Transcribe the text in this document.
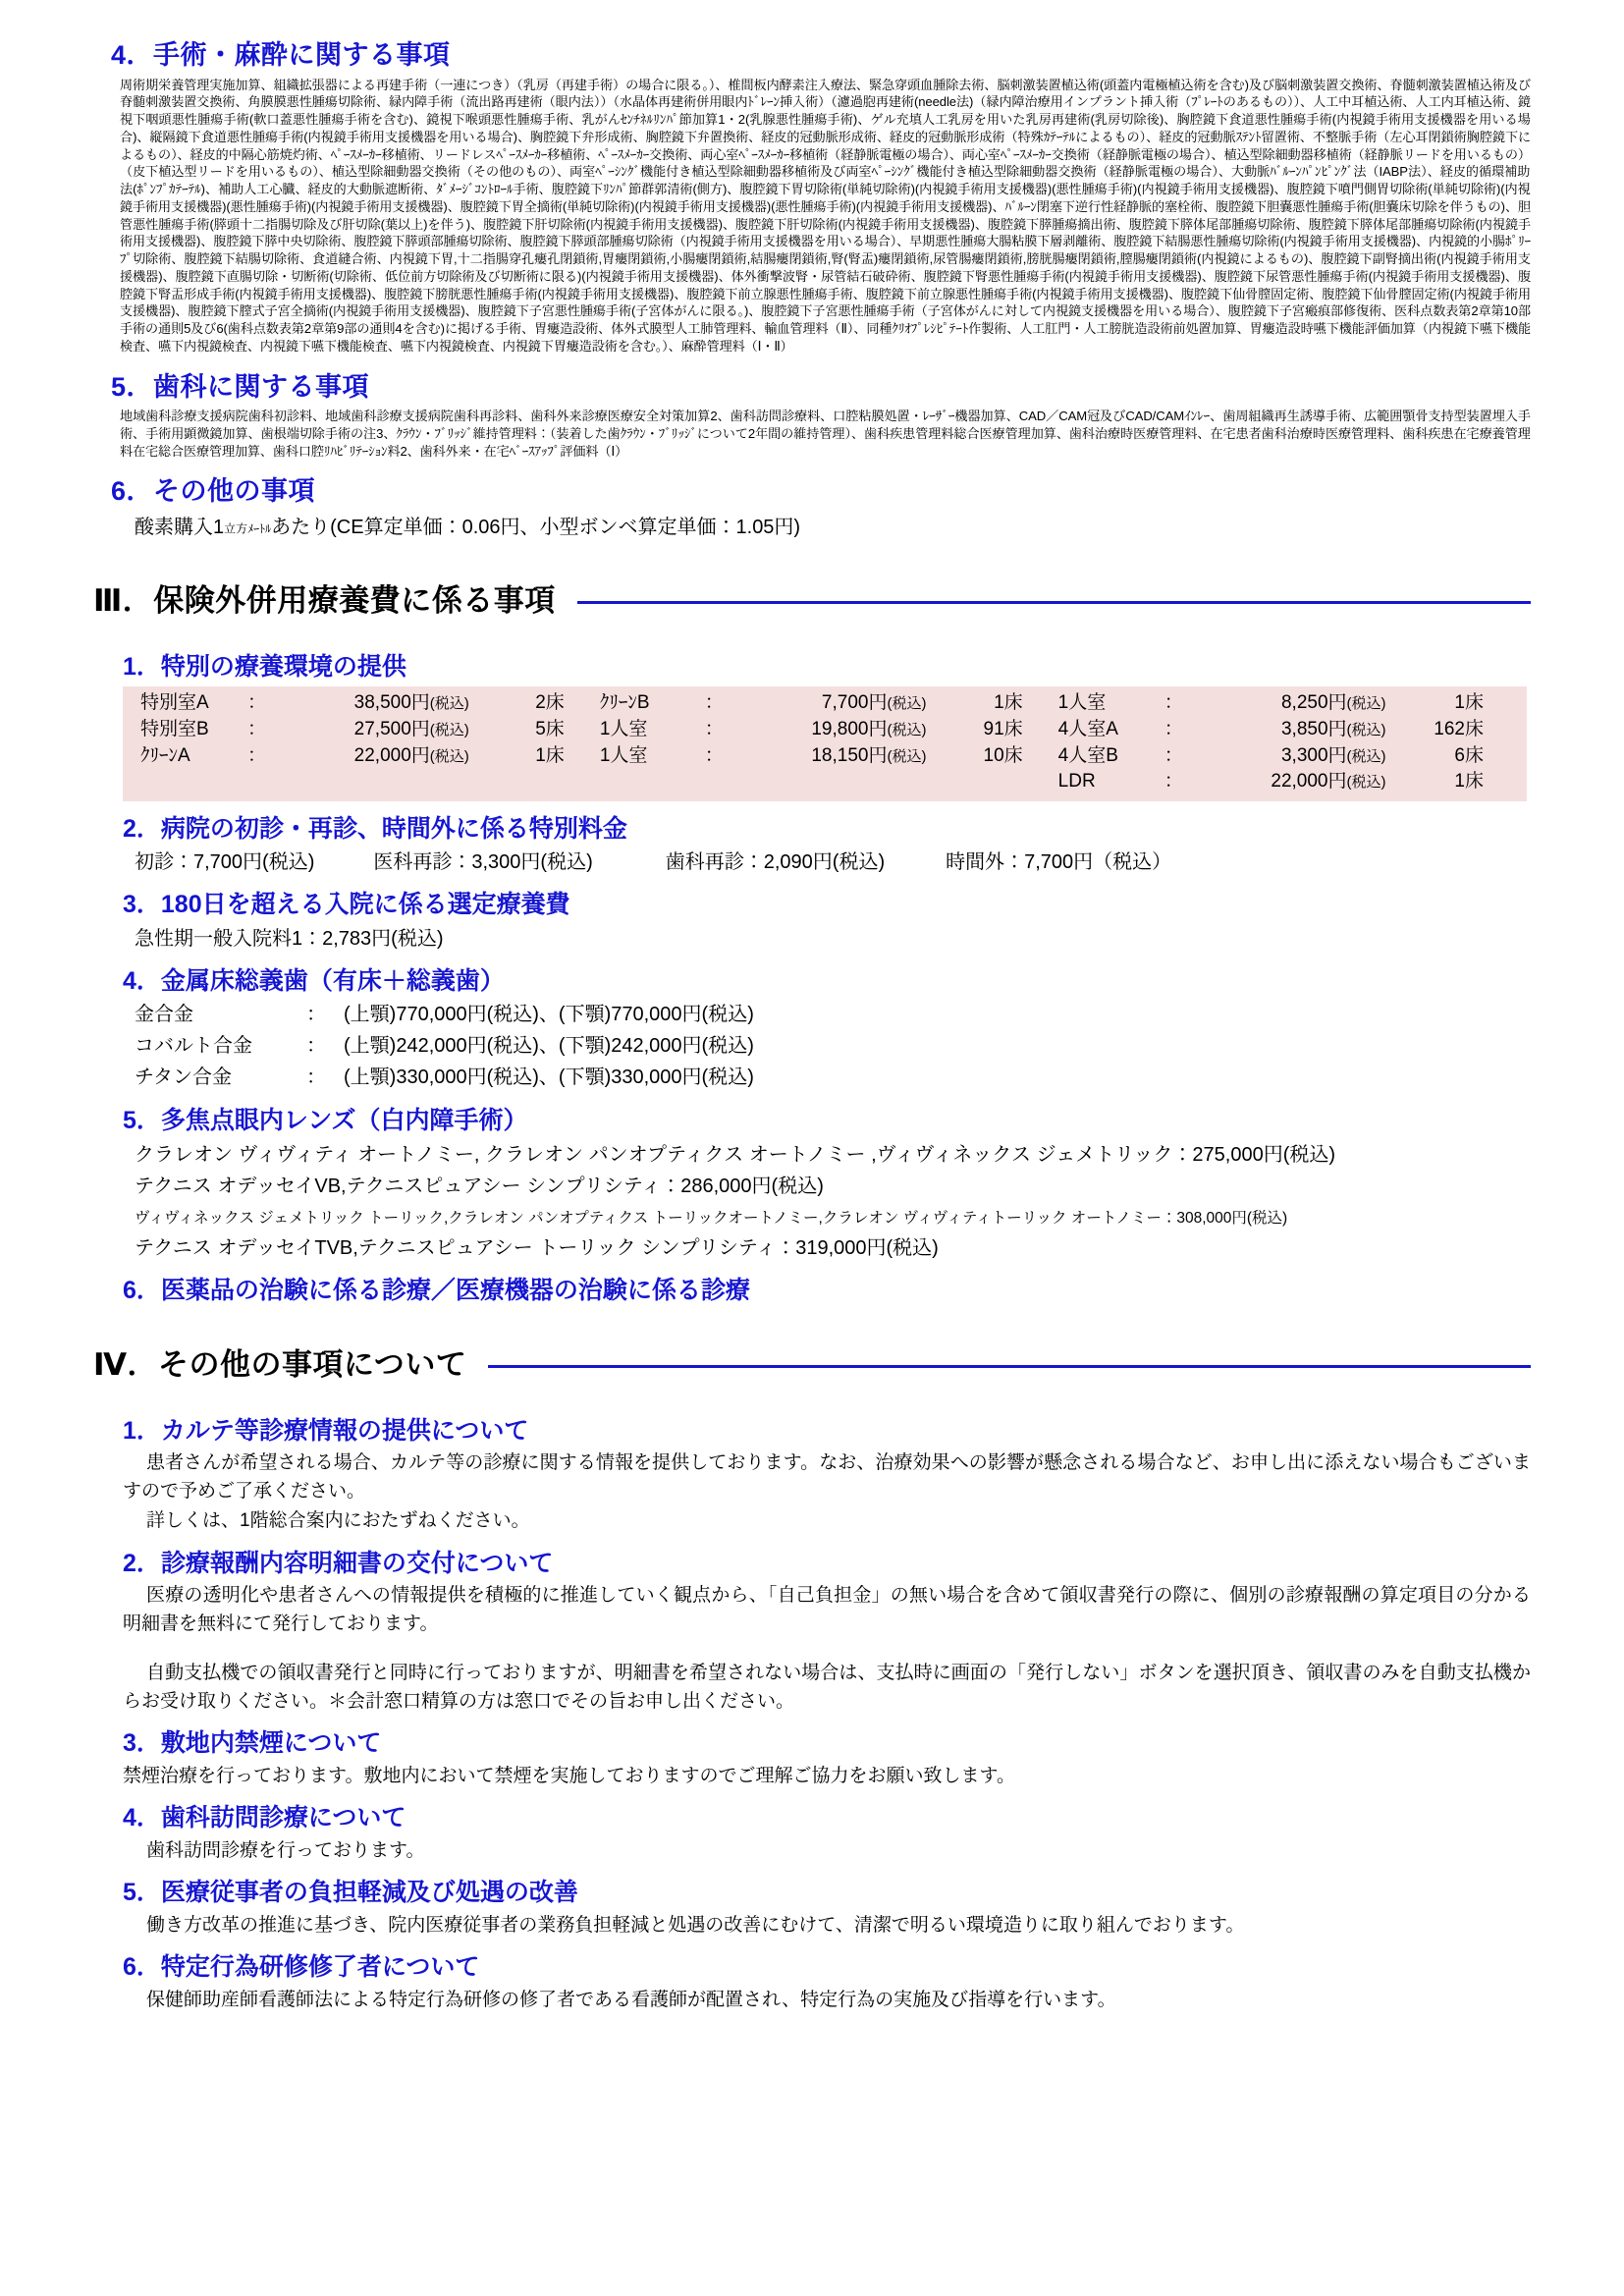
4．手術・麻酔に関する事項

周術期栄養管理実施加算、組織拡張器による再建手術（一連につき）（乳房（再建手術）の場合に限る。）、椎間板内酵素注入療法、緊急穿頭血腫除去術、脳刺激装置植込術(頭蓋内電極植込術を含む)及び脳刺激装置交換術、脊髄刺激装置植込術及び脊髄刺激装置交換術、角膜膜悪性腫瘍切除術、緑内障手術（流出路再建術（眼内法））（水晶体再建術併用眼内ﾄﾞﾚｰﾝ挿入術）（濾過胞再建術(needle法)（緑内障治療用インプラント挿入術（ﾌﾟﾚｰﾄのあるもの））、人工中耳植込術、人工内耳植込術、鏡視下咽頭悪性腫瘍手術(軟口蓋悪性腫瘍手術を含む)、鏡視下喉頭悪性腫瘍手術、乳がんｾﾝﾁﾈﾙﾘﾝﾊﾟ節加算1・2(乳腺悪性腫瘍手術)、ゲル充填人工乳房を用いた乳房再建術(乳房切除後)、胸腔鏡下食道悪性腫瘍手術(内視鏡手術用支援機器を用いる場合)、縦隔鏡下食道悪性腫瘍手術(内視鏡手術用支援機器を用いる場合)、胸腔鏡下弁形成術、胸腔鏡下弁置換術、経皮的冠動脈形成術、経皮的冠動脈形成術（特殊ｶﾃｰﾃﾙによるもの）、経皮的冠動脈ｽﾃﾝﾄ留置術、不整脈手術（左心耳閉鎖術胸腔鏡下によるもの）、経皮的中隔心筋焼灼術、ﾍﾟｰｽﾒｰｶｰ移植術、リードレスﾍﾟｰｽﾒｰｶｰ移植術、ﾍﾟｰｽﾒｰｶｰ交換術、両心室ﾍﾟｰｽﾒｰｶｰ移植術（経静脈電極の場合）、両心室ﾍﾟｰｽﾒｰｶｰ交換術（経静脈電極の場合）、植込型除細動器移植術（経静脈リードを用いるもの）（皮下植込型リードを用いるもの）、植込型除細動器交換術（その他のもの）、両室ﾍﾟｰｼﾝｸﾞ機能付き植込型除細動器移植術及び両室ﾍﾟｰｼﾝｸﾞ機能付き植込型除細動器交換術（経静脈電極の場合）、大動脈ﾊﾞﾙｰﾝﾊﾟﾝﾋﾟﾝｸﾞ法（IABP法）、経皮的循環補助法(ﾎﾟﾝﾌﾟｶﾃｰﾃﾙ)、補助人工心臓、経皮的大動脈遮断術、ﾀﾞﾒｰｼﾞｺﾝﾄﾛｰﾙ手術、腹腔鏡下ﾘﾝﾊﾟ節群郭清術(側方)、腹腔鏡下胃切除術(単純切除術)(内視鏡手術用支援機器)(悪性腫瘍手術)(内視鏡手術用支援機器)、腹腔鏡下噴門側胃切除術(単純切除術)(内視鏡手術用支援機器)(悪性腫瘍手術)(内視鏡手術用支援機器)、腹腔鏡下胃全摘術(単純切除術)(内視鏡手術用支援機器)(悪性腫瘍手術)(内視鏡手術用支援機器)、ﾊﾞﾙｰﾝ閉塞下逆行性経静脈的塞栓術、腹腔鏡下胆嚢悪性腫瘍手術(胆嚢床切除を伴うもの)、胆管悪性腫瘍手術(膵頭十二指腸切除及び肝切除(葉以上)を伴う)、腹腔鏡下肝切除術(内視鏡手術用支援機器)、腹腔鏡下肝切除術(内視鏡手術用支援機器)、腹腔鏡下膵腫瘍摘出術、腹腔鏡下膵体尾部腫瘍切除術、腹腔鏡下膵体尾部腫瘍切除術(内視鏡手術用支援機器)、腹腔鏡下膵中央切除術、腹腔鏡下膵頭部腫瘍切除術、腹腔鏡下膵頭部腫瘍切除術（内視鏡手術用支援機器を用いる場合）、早期悪性腫瘍大腸粘膜下層剥離術、腹腔鏡下結腸悪性腫瘍切除術(内視鏡手術用支援機器)、内視鏡的小腸ﾎﾟﾘｰﾌﾟ切除術、腹腔鏡下結腸切除術、食道縫合術、内視鏡下胃,十二指腸穿孔瘻孔閉鎖術,胃瘻閉鎖術,小腸瘻閉鎖術,結腸瘻閉鎖術,腎(腎盂)瘻閉鎖術,尿管腸瘻閉鎖術,膀胱腸瘻閉鎖術,膣腸瘻閉鎖術(内視鏡によるもの)、腹腔鏡下副腎摘出術(内視鏡手術用支援機器)、腹腔鏡下直腸切除・切断術(切除術、低位前方切除術及び切断術に限る)(内視鏡手術用支援機器)、体外衝撃波腎・尿管結石破砕術、腹腔鏡下腎悪性腫瘍手術(内視鏡手術用支援機器)、腹腔鏡下尿管悪性腫瘍手術(内視鏡手術用支援機器)、腹腔鏡下腎盂形成手術(内視鏡手術用支援機器)、腹腔鏡下膀胱悪性腫瘍手術(内視鏡手術用支援機器)、腹腔鏡下前立腺悪性腫瘍手術、腹腔鏡下前立腺悪性腫瘍手術(内視鏡手術用支援機器)、腹腔鏡下仙骨膣固定術、腹腔鏡下仙骨膣固定術(内視鏡手術用支援機器)、腹腔鏡下膣式子宮全摘術(内視鏡手術用支援機器)、腹腔鏡下子宮悪性腫瘍手術(子宮体がんに限る。)、腹腔鏡下子宮悪性腫瘍手術（子宮体がんに対して内視鏡支援機器を用いる場合）、腹腔鏡下子宮瘢痕部修復術、医科点数表第2章第10部手術の通則5及び6(歯科点数表第2章第9部の通則4を含む)に掲げる手術、胃瘻造設術、体外式膜型人工肺管理料、輸血管理料（Ⅱ）、同種ｸﾘｵﾌﾟﾚｼﾋﾟﾃｰﾄ作製術、人工肛門・人工膀胱造設術前処置加算、胃瘻造設時嚥下機能評価加算（内視鏡下嚥下機能検査、嚥下内視鏡検査、内視鏡下嚥下機能検査、嚥下内視鏡検査、内視鏡下胃瘻造設術を含む。）、麻酔管理料（Ⅰ・Ⅱ）

5．歯科に関する事項

地域歯科診療支援病院歯科初診料、地域歯科診療支援病院歯科再診料、歯科外来診療医療安全対策加算2、歯科訪問診療料、口腔粘膜処置・ﾚｰｻﾞｰ機器加算、CAD／CAM冠及びCAD/CAMｲﾝﾚｰ、歯周組織再生誘導手術、広範囲顎骨支持型装置埋入手術、手術用顕微鏡加算、歯根端切除手術の注3、ｸﾗｳﾝ・ﾌﾞﾘｯｼﾞ維持管理料：（装着した歯ｸﾗｳﾝ・ﾌﾞﾘｯｼﾞについて2年間の維持管理）、歯科疾患管理料総合医療管理加算、歯科治療時医療管理料、在宅患者歯科治療時医療管理料、歯科疾患在宅療養管理料在宅総合医療管理加算、歯科口腔ﾘﾊﾋﾞﾘﾃｰｼｮﾝ料2、歯科外来・在宅ﾍﾞｰｽｱｯﾌﾟ評価料（Ⅰ）

6．その他の事項

酸素購入1立方ﾒｰﾄﾙあたり(CE算定単価：0.06円、小型ボンベ算定単価：1.05円)

Ⅲ．保険外併用療養費に係る事項
1．特別の療養環境の提供
特別室A	：	38,500円(税込)	2床	ｸﾘｰﾝB	：	7,700円(税込)	1床	1人室	：	8,250円(税込)	1床
特別室B	：	27,500円(税込)	5床	1人室	：	19,800円(税込)	91床	4人室A	：	3,850円(税込)	162床
ｸﾘｰﾝA	：	22,000円(税込)	1床	1人室	：	18,150円(税込)	10床	4人室B	：	3,300円(税込)	6床
								LDR	：	22,000円(税込)	1床
2．病院の初診・再診、時間外に係る特別料金
初診：7,700円(税込)	医科再診：3,300円(税込)	歯科再診：2,090円(税込)	時間外：7,700円（税込）
3．180日を超える入院に係る選定療養費

急性期一般入院料1：2,783円(税込)

4．金属床総義歯（有床＋総義歯）
金合金	： (上顎)770,000円(税込)、(下顎)770,000円(税込)
コバルト合金	： (上顎)242,000円(税込)、(下顎)242,000円(税込)
チタン合金	： (上顎)330,000円(税込)、(下顎)330,000円(税込)
5．多焦点眼内レンズ（白内障手術）

クラレオン ヴィヴィティ オートノミー, クラレオン パンオプティクス オートノミー ,ヴィヴィネックス ジェメトリック：275,000円(税込)

テクニス オデッセイVB,テクニスピュアシー シンプリシティ：286,000円(税込)

ヴィヴィネックス ジェメトリック トーリック,クラレオン パンオプティクス トーリックオートノミー,クラレオン ヴィヴィティトーリック オートノミー：308,000円(税込)

テクニス オデッセイTVB,テクニスピュアシー トーリック シンプリシティ：319,000円(税込)

6．医薬品の治験に係る診療／医療機器の治験に係る診療
Ⅳ．その他の事項について
1．カルテ等診療情報の提供について

患者さんが希望される場合、カルテ等の診療に関する情報を提供しております。なお、治療効果への影響が懸念される場合など、お申し出に添えない場合もございますので予めご了承ください。

詳しくは、1階総合案内におたずねください。

2．診療報酬内容明細書の交付について

医療の透明化や患者さんへの情報提供を積極的に推進していく観点から、「自己負担金」の無い場合を含めて領収書発行の際に、個別の診療報酬の算定項目の分かる明細書を無料にて発行しております。

自動支払機での領収書発行と同時に行っておりますが、明細書を希望されない場合は、支払時に画面の「発行しない」ボタンを選択頂き、領収書のみを自動支払機からお受け取りください。＊会計窓口精算の方は窓口でその旨お申し出ください。

3．敷地内禁煙について

禁煙治療を行っております。敷地内において禁煙を実施しておりますのでご理解ご協力をお願い致します。

4．歯科訪問診療について

歯科訪問診療を行っております。

5．医療従事者の負担軽減及び処遇の改善

働き方改革の推進に基づき、院内医療従事者の業務負担軽減と処遇の改善にむけて、清潔で明るい環境造りに取り組んでおります。

6．特定行為研修修了者について

保健師助産師看護師法による特定行為研修の修了者である看護師が配置され、特定行為の実施及び指導を行います。
